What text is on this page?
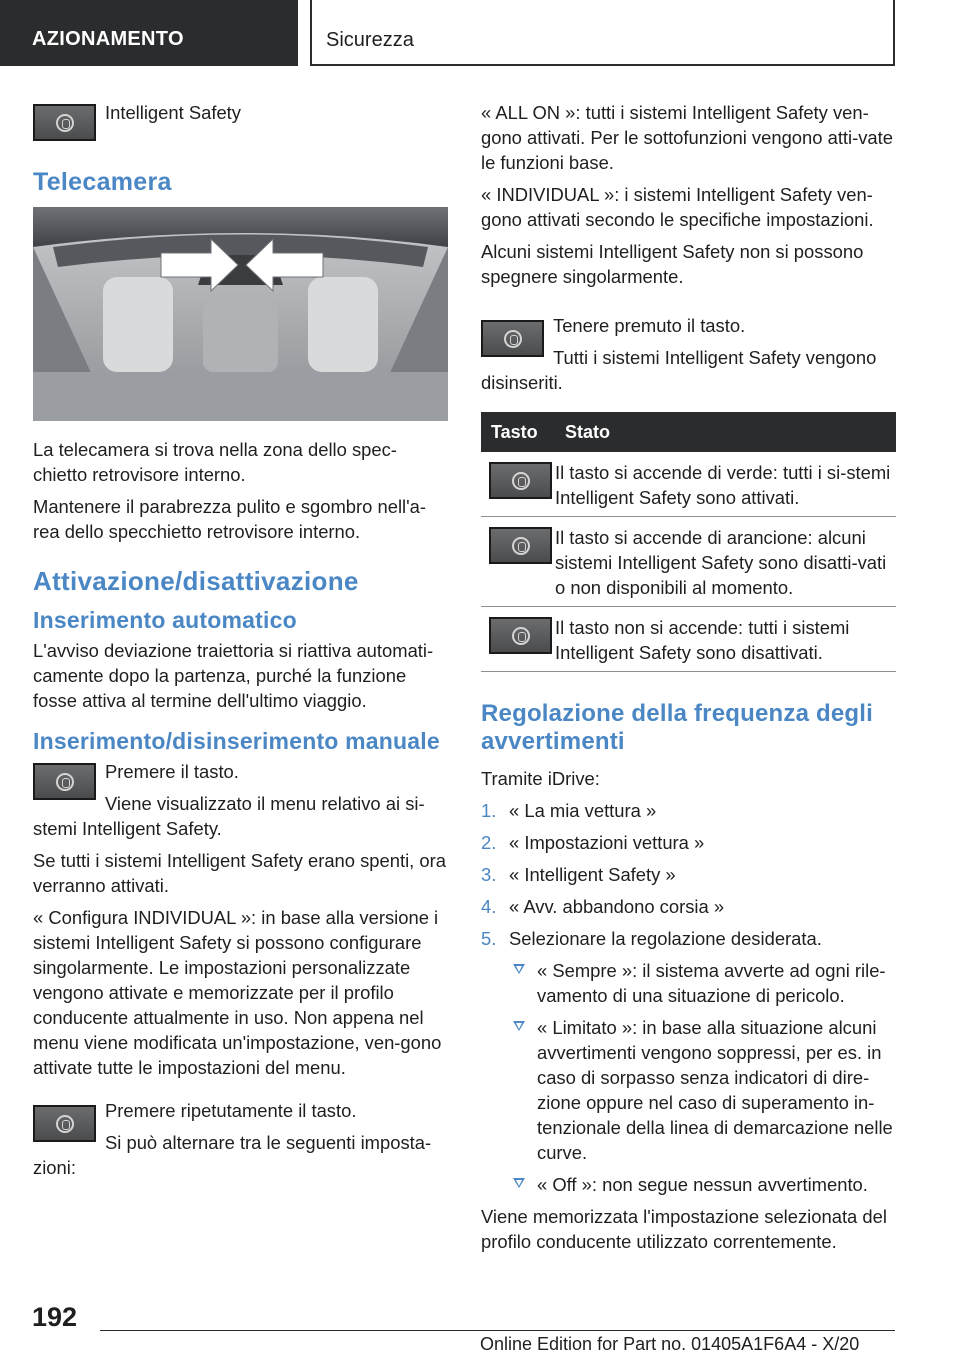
AZIONAMENTO	Sicurezza

Intelligent Safety

Telecamera

La telecamera si trova nella zona dello spec-chietto retrovisore interno.

Mantenere il parabrezza pulito e sgombro nell'a-rea dello specchietto retrovisore interno.

Attivazione/disattivazione
Inserimento automatico

L'avviso deviazione traiettoria si riattiva automati-camente dopo la partenza, purché la funzione fosse attiva al termine dell'ultimo viaggio.

Inserimento/disinserimento manuale

Premere il tasto.

Viene visualizzato il menu relativo ai si-stemi Intelligent Safety.

Se tutti i sistemi Intelligent Safety erano spenti, ora verranno attivati.

« Configura INDIVIDUAL »: in base alla versione i sistemi Intelligent Safety si possono configurare singolarmente. Le impostazioni personalizzate vengono attivate e memorizzate per il profilo conducente attualmente in uso. Non appena nel menu viene modificata un'impostazione, ven-gono attivate tutte le impostazioni del menu.

Premere ripetutamente il tasto.

Si può alternare tra le seguenti imposta-zioni:

« ALL ON »: tutti i sistemi Intelligent Safety ven-gono attivati. Per le sottofunzioni vengono atti-vate le funzioni base.

« INDIVIDUAL »: i sistemi Intelligent Safety ven-gono attivati secondo le specifiche impostazioni.

Alcuni sistemi Intelligent Safety non si possono spegnere singolarmente.

Tenere premuto il tasto.

Tutti i sistemi Intelligent Safety vengono disinseriti.

Tasto	Stato

	Il tasto si accende di verde: tutti i si-stemi Intelligent Safety sono attivati.

	Il tasto si accende di arancione: alcuni sistemi Intelligent Safety sono disatti-vati o non disponibili al momento.

	Il tasto non si accende: tutti i sistemi Intelligent Safety sono disattivati.
Regolazione della frequenza degli avvertimenti

Tramite iDrive:

1. « La mia vettura »
2. « Impostazioni vettura »
3. « Intelligent Safety »
4. « Avv. abbandono corsia »
5. Selezionare la regolazione desiderata.
« Sempre »: il sistema avverte ad ogni rile-vamento di una situazione di pericolo.
« Limitato »: in base alla situazione alcuni avvertimenti vengono soppressi, per es. in caso di sorpasso senza indicatori di dire-zione oppure nel caso di superamento in-tenzionale della linea di demarcazione nelle curve.
« Off »: non segue nessun avvertimento.

Viene memorizzata l'impostazione selezionata del profilo conducente utilizzato correntemente.

192
Online Edition for Part no. 01405A1F6A4 - X/20
